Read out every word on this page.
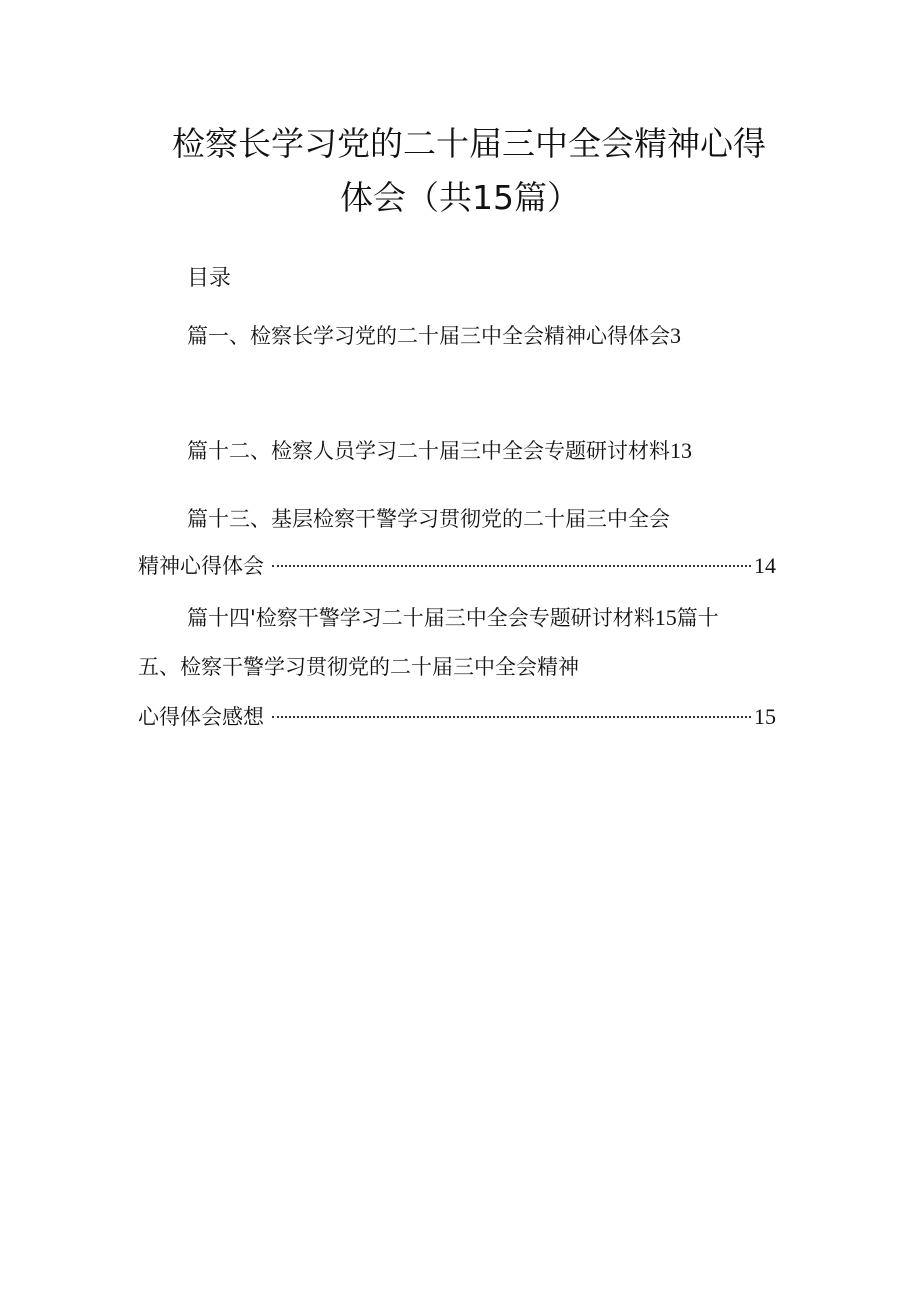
检察长学习党的二十届三中全会精神心得
体会（共15篇）
目录
篇一、检察长学习党的二十届三中全会精神心得体会3
篇十二、检察人员学习二十届三中全会专题研讨材料13
篇十三、基层检察干警学习贯彻党的二十届三中全会
精神心得体会	14
篇十四'检察干警学习二十届三中全会专题研讨材料15篇十
五、检察干警学习贯彻党的二十届三中全会精神
心得体会感想	15
